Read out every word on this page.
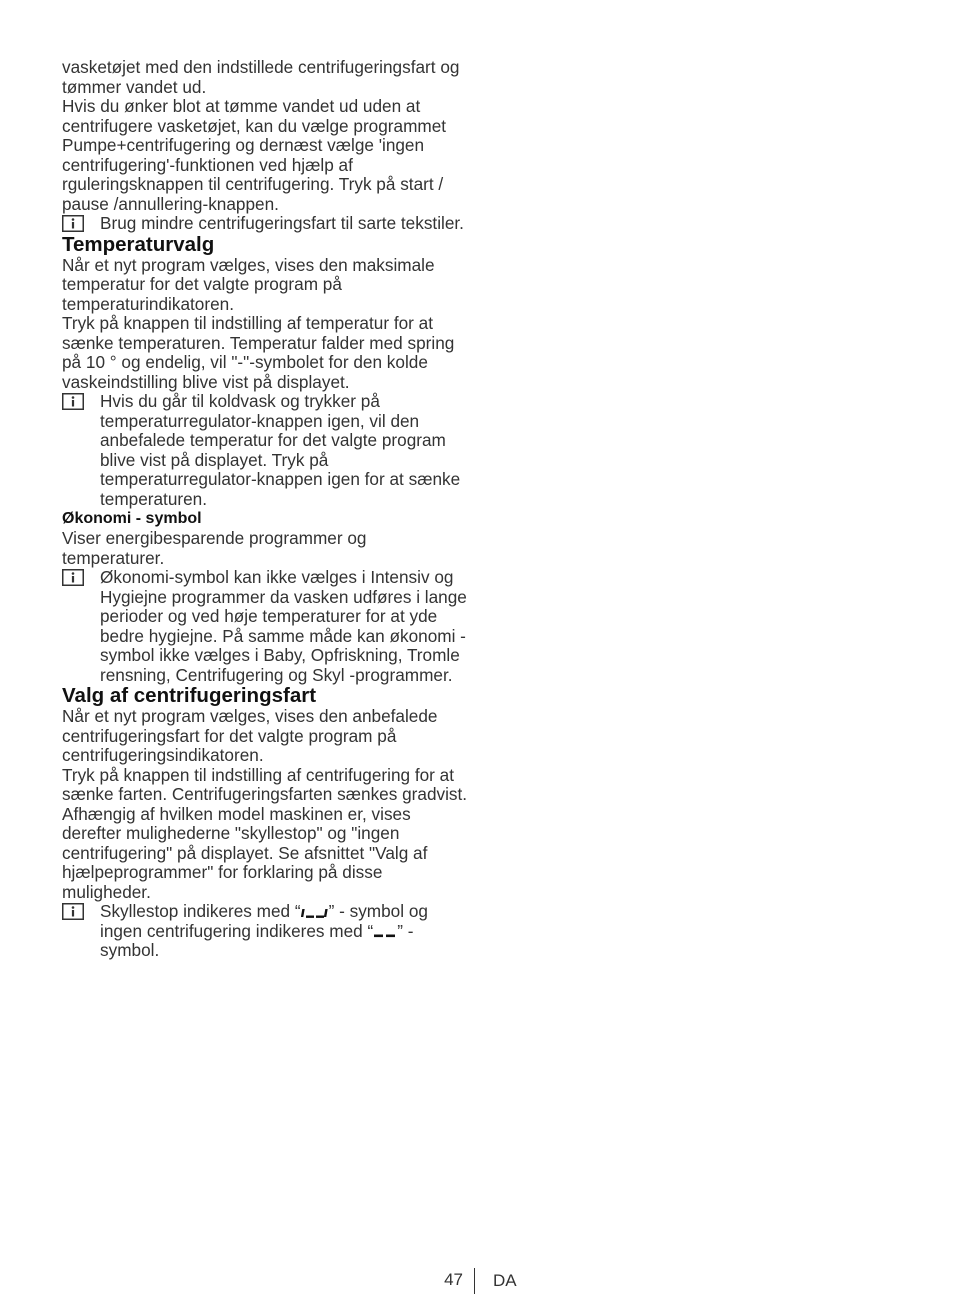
vasketøjet med den indstillede centrifugeringsfart og tømmer vandet ud.

Hvis du ønker blot at tømme vandet ud uden at centrifugere vasketøjet, kan du vælge programmet Pumpe+centrifugering og dernæst vælge 'ingen centrifugering'-funktionen ved hjælp af rguleringsknappen til centrifugering. Tryk på start / pause /annullering-knappen.

Brug mindre centrifugeringsfart til sarte tekstiler.

Temperaturvalg

Når et nyt program vælges, vises den maksimale temperatur for det valgte program på temperaturindikatoren.

Tryk på knappen til indstilling af temperatur for at sænke temperaturen. Temperatur falder med spring på 10 ° og endelig, vil "-"-symbolet for den kolde vaskeindstilling blive vist på displayet.

Hvis du går til koldvask og trykker på temperaturregulator-knappen igen, vil den anbefalede temperatur for det valgte program blive vist på displayet. Tryk på temperaturregulator-knappen igen for at sænke temperaturen.

Økonomi - symbol

Viser energibesparende programmer og temperaturer.

Økonomi-symbol kan ikke vælges i Intensiv og Hygiejne programmer da vasken udføres i lange perioder og ved høje temperaturer for at yde bedre hygiejne. På samme måde kan økonomi - symbol ikke vælges i Baby, Opfriskning, Tromle rensning, Centrifugering og Skyl -programmer.

Valg af centrifugeringsfart

Når et nyt program vælges, vises den anbefalede centrifugeringsfart for det valgte program på centrifugeringsindikatoren.

Tryk på knappen til indstilling af centrifugering for at sænke farten. Centrifugeringsfarten sænkes gradvist. Afhængig af hvilken model maskinen er, vises derefter mulighederne "skyllestop" og "ingen centrifugering" på displayet. Se afsnittet "Valg af hjælpeprogrammer" for forklaring på disse muligheder.

Skyllestop indikeres med “ ” - symbol og ingen centrifugering indikeres med “ ” - symbol.
47 DA
